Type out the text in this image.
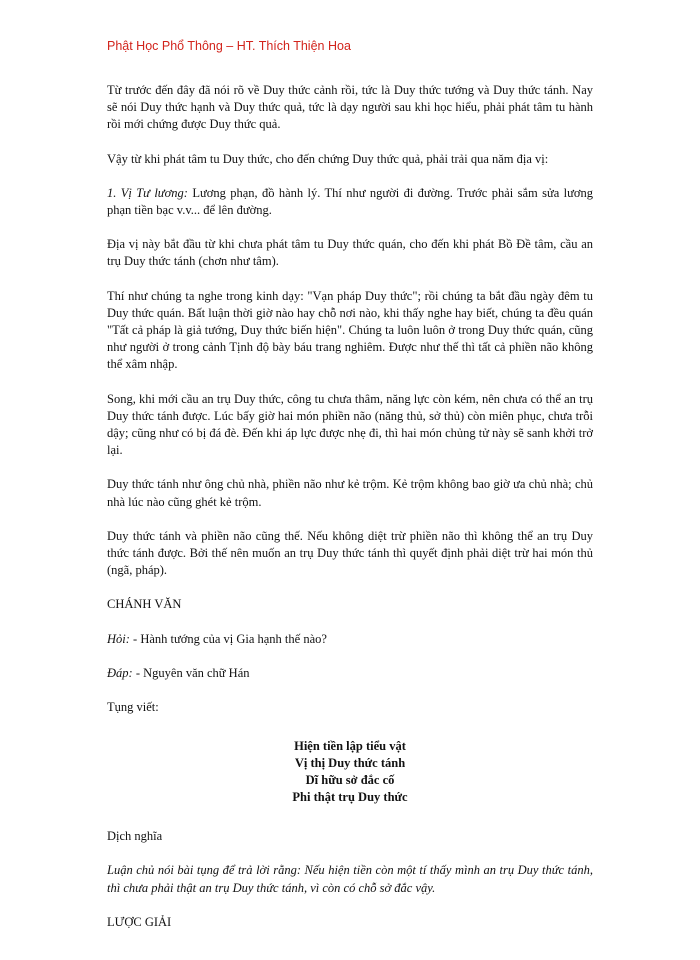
Phật Học Phổ Thông – HT. Thích Thiện Hoa

Từ trước đến đây đã nói rõ về Duy thức cảnh rồi, tức là Duy thức tướng và Duy thức tánh. Nay sẽ nói Duy thức hạnh và Duy thức quả, tức là dạy người sau khi học hiểu, phải phát tâm tu hành rồi mới chứng được Duy thức quả.

Vậy từ khi phát tâm tu Duy thức, cho đến chứng Duy thức quả, phải trải qua năm địa vị:

1. Vị Tư lương: Lương phạn, đồ hành lý. Thí như người đi đường. Trước phải sắm sửa lương phạn tiền bạc v.v... để lên đường.

Địa vị này bắt đầu từ khi chưa phát tâm tu Duy thức quán, cho đến khi phát Bồ Đề tâm, cầu an trụ Duy thức tánh (chơn như tâm).

Thí như chúng ta nghe trong kinh dạy: "Vạn pháp Duy thức"; rồi chúng ta bắt đầu ngày đêm tu Duy thức quán. Bất luận thời giờ nào hay chỗ nơi nào, khi thấy nghe hay biết, chúng ta đều quán "Tất cả pháp là giả tướng, Duy thức biến hiện". Chúng ta luôn luôn ở trong Duy thức quán, cũng như người ở trong cảnh Tịnh độ bày báu trang nghiêm. Được như thế thì tất cả phiền não không thể xâm nhập.

Song, khi mới cầu an trụ Duy thức, công tu chưa thâm, năng lực còn kém, nên chưa có thể an trụ Duy thức tánh được. Lúc bấy giờ hai món phiền não (năng thủ, sở thủ) còn miên phục, chưa trỗi dậy; cũng như có bị đá đè. Đến khi áp lực được nhẹ đi, thì hai món chủng tử này sẽ sanh khởi trở lại.

Duy thức tánh như ông chủ nhà, phiền não như kẻ trộm. Kẻ trộm không bao giờ ưa chủ nhà; chủ nhà lúc nào cũng ghét kẻ trộm.

Duy thức tánh và phiền não cũng thế. Nếu không diệt trừ phiền não thì không thể an trụ Duy thức tánh được. Bởi thế nên muốn an trụ Duy thức tánh thì quyết định phải diệt trừ hai món thủ (ngã, pháp).

CHÁNH VĂN

Hỏi: - Hành tướng của vị Gia hạnh thế nào?

Đáp: - Nguyên văn chữ Hán

Tụng viết:

Hiện tiền lập tiểu vật
Vị thị Duy thức tánh
Dĩ hữu sở đắc cố
Phi thật trụ Duy thức

Dịch nghĩa

Luận chủ nói bài tụng để trả lời rằng: Nếu hiện tiền còn một tí thấy mình an trụ Duy thức tánh, thì chưa phải thật an trụ Duy thức tánh, vì còn có chỗ sở đắc vậy.

LƯỢC GIẢI
